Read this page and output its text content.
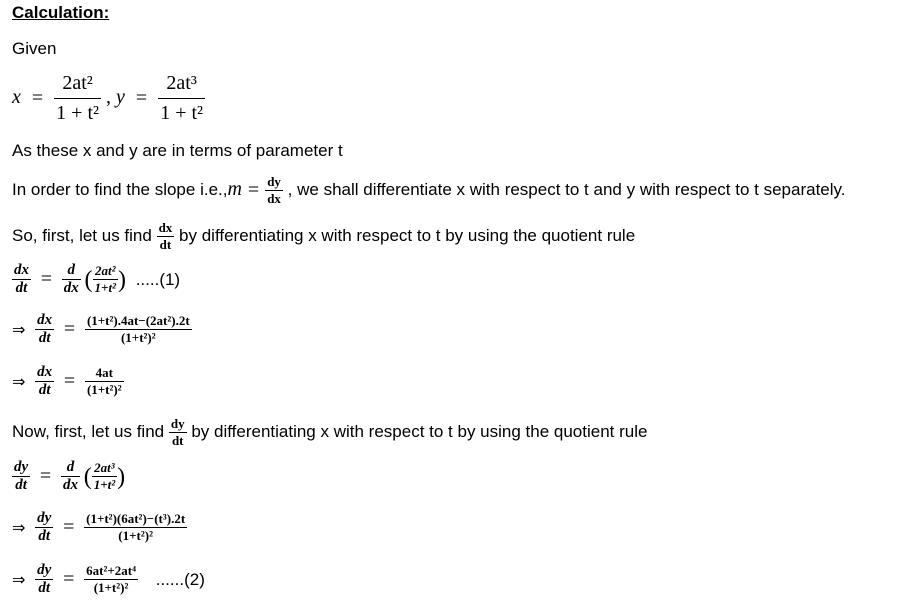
Calculation:
Given
$x = \frac{\text{2at²}}{\text{1 + t²}}$ , $y = \frac{\text{2at³}}{\text{1 + t²}}$
As these x and y are in terms of parameter t
In order to find the slope $i.e.,m = \frac{dy}{dx}$ , we shall differentiate x with respect to t and y with respect to t separately.
So, first, let us find $\frac{dx}{dt}$ by differentiating x with respect to t by using the quotient rule
$\frac{dx}{dt} = \frac{d}{dx}$ ( $\frac{\text{2at²}}{\text{1+t²}}$ ) .....(1)
⇒ $\frac{dx}{dt} = \frac{\text{(1+t²).4at−(2at²).2t}}{\text{(1+t²)²}}$
⇒ $\frac{dx}{dt} = \frac{4at}{\text{(1+t²)²}}$
Now, first, let us find $\frac{dy}{dt}$ by differentiating x with respect to t by using the quotient rule
$\frac{dy}{dt} = \frac{d}{dx}$ ( $\frac{\text{2at³}}{\text{1+t²}}$ )
⇒ $\frac{dy}{dt} = \frac{\text{(1+t²)(6at²)−(t³).2t}}{\text{(1+t²)²}}$
⇒ $\frac{dy}{dt} = \frac{\text{6at²+2at⁴}}{\text{(1+t²)²}} ......(2)$
